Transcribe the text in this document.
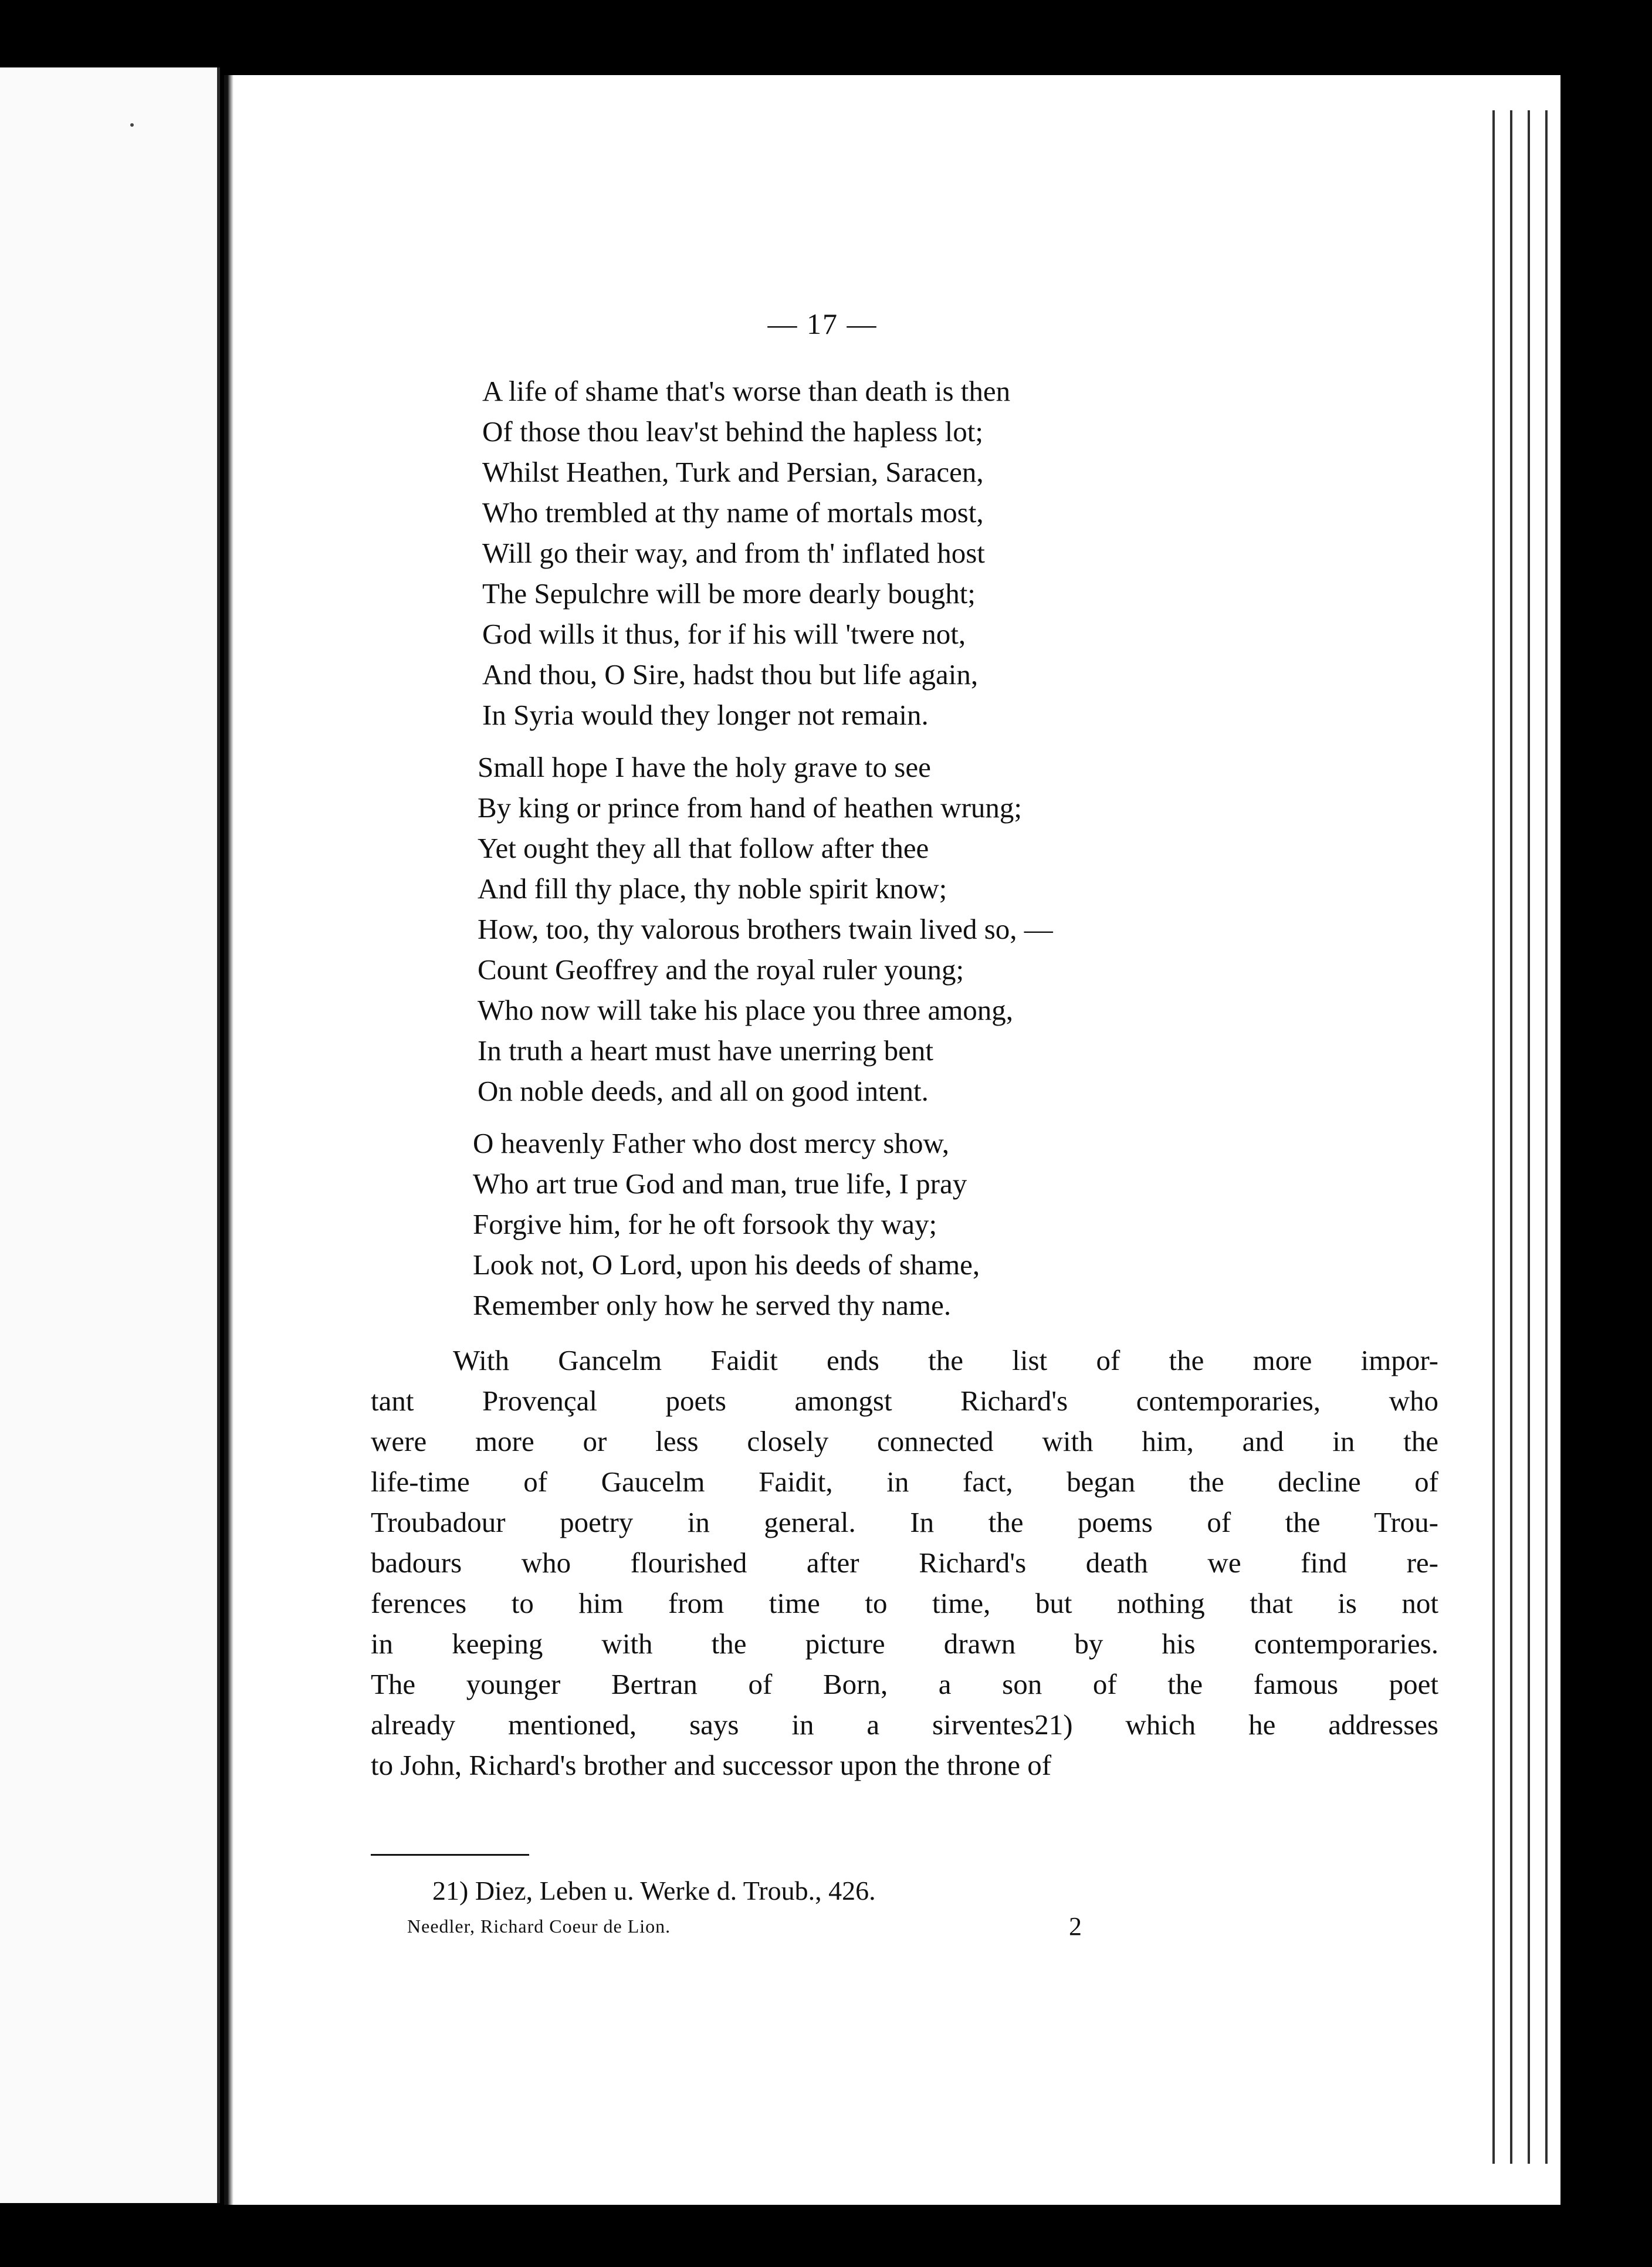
— 17 —
A life of shame that's worse than death is then
Of those thou leav'st behind the hapless lot;
Whilst Heathen, Turk and Persian, Saracen,
Who trembled at thy name of mortals most,
Will go their way, and from th' inflated host
The Sepulchre will be more dearly bought;
God wills it thus, for if his will 'twere not,
And thou, O Sire, hadst thou but life again,
In Syria would they longer not remain.
Small hope I have the holy grave to see
By king or prince from hand of heathen wrung;
Yet ought they all that follow after thee
And fill thy place, thy noble spirit know;
How, too, thy valorous brothers twain lived so, —
Count Geoffrey and the royal ruler young;
Who now will take his place you three among,
In truth a heart must have unerring bent
On noble deeds, and all on good intent.
O heavenly Father who dost mercy show,
Who art true God and man, true life, I pray
Forgive him, for he oft forsook thy way;
Look not, O Lord, upon his deeds of shame,
Remember only how he served thy name.
With Gancelm Faidit ends the list of the more impor-
tant Provençal poets amongst Richard's contemporaries, who
were more or less closely connected with him, and in the
life-time of Gaucelm Faidit, in fact, began the decline of
Troubadour poetry in general. In the poems of the Trou-
badours who flourished after Richard's death we find re-
ferences to him from time to time, but nothing that is not
in keeping with the picture drawn by his contemporaries.
The younger Bertran of Born, a son of the famous poet
already mentioned, says in a sirventes21) which he addresses
to John, Richard's brother and successor upon the throne of
21) Diez, Leben u. Werke d. Troub., 426.
Needler, Richard Coeur de Lion.	2
